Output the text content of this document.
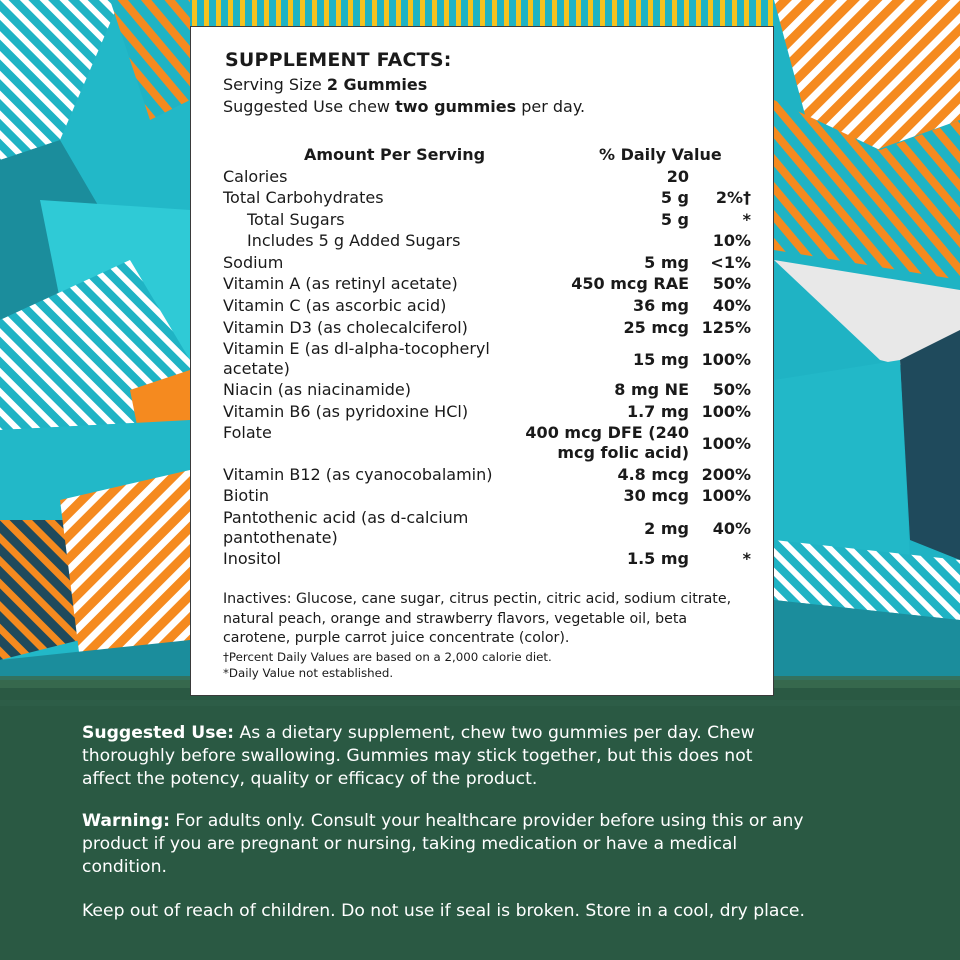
SUPPLEMENT FACTS:
Serving Size 2 Gummies
Suggested Use chew two gummies per day.
Amount Per Serving	% Daily Value
Calories	20
Total Carbohydrates	5 g 2%†
Total Sugars	5 g	*
Includes 5 g Added Sugars	10%
Sodium	5 mg <1%
Vitamin A (as retinyl acetate)	450 mcg RAE 50%
Vitamin C (as ascorbic acid)	36 mg 40%
Vitamin D3 (as cholecalciferol)	25 mcg 125%
Vitamin E (as dl-alpha-tocopheryl
acetate)	15 mg 100%
Niacin (as niacinamide)	8 mg NE 50%
Vitamin B6 (as pyridoxine HCl)	1.7 mg 100%
Folate	400 mcg DFE (240
mcg folic acid) 100%
Vitamin B12 (as cyanocobalamin)	4.8 mcg 200%
Biotin	30 mcg 100%
Pantothenic acid (as d-calcium
pantothenate)	2 mg 40%
Inositol	1.5 mg	*
Inactives: Glucose, cane sugar, citrus pectin, citric acid, sodium citrate, natural peach, orange and strawberry flavors, vegetable oil, beta carotene, purple carrot juice concentrate (color).
†Percent Daily Values are based on a 2,000 calorie diet.
*Daily Value not established.
Suggested Use: As a dietary supplement, chew two gummies per day. Chew thoroughly before swallowing. Gummies may stick together, but this does not affect the potency, quality or efficacy of the product.
Warning: For adults only. Consult your healthcare provider before using this or any product if you are pregnant or nursing, taking medication or have a medical condition.
Keep out of reach of children. Do not use if seal is broken. Store in a cool, dry place.
